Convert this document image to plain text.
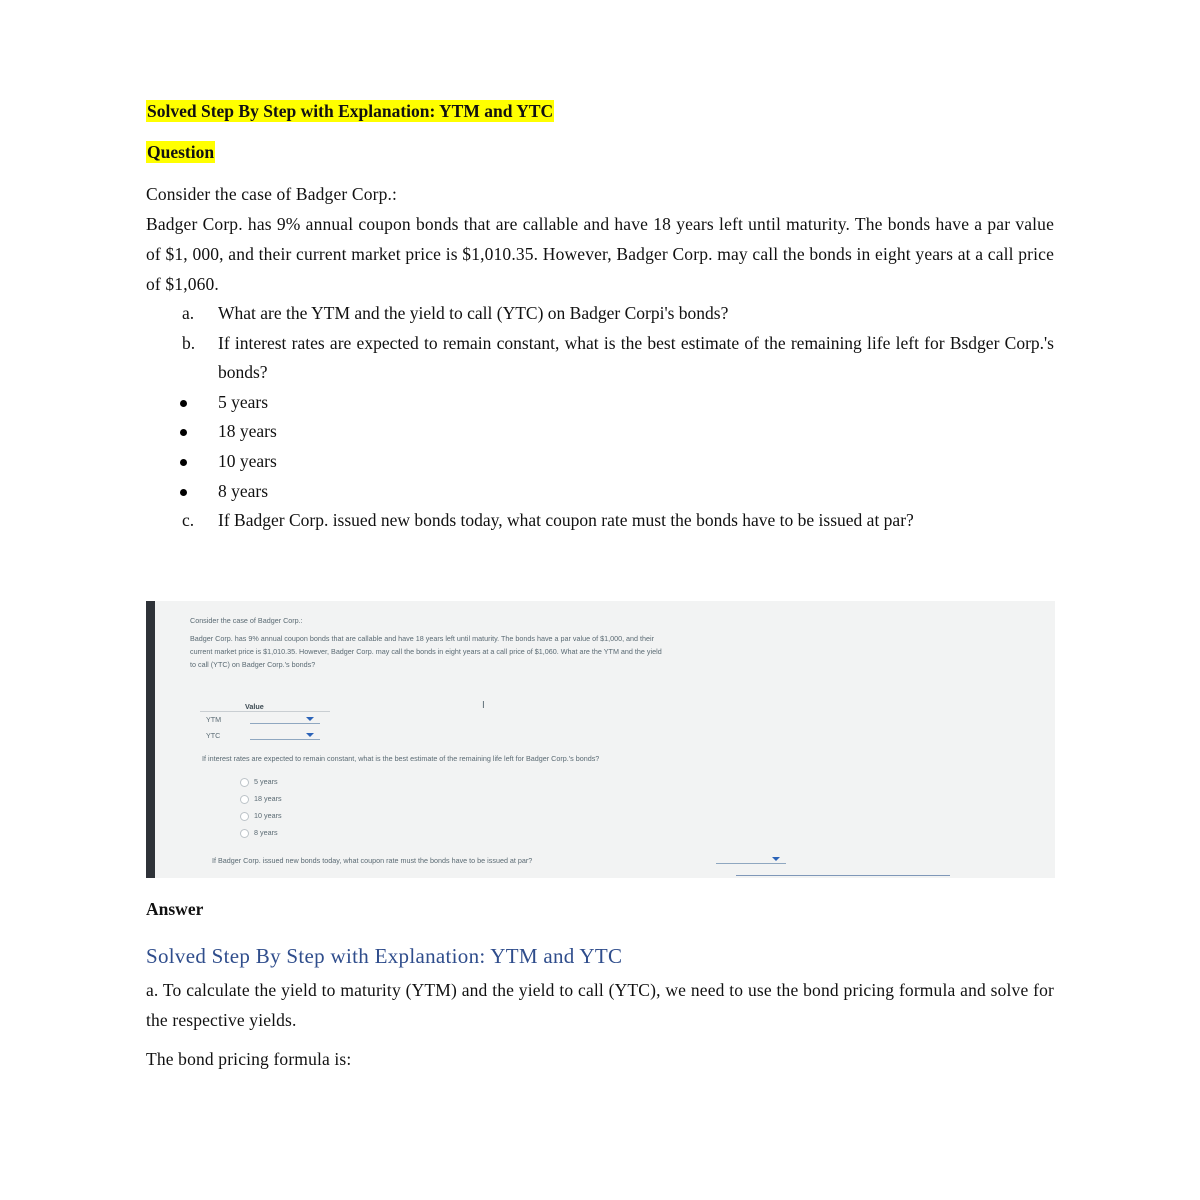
Solved Step By Step with Explanation: YTM and YTC
Question

Consider the case of Badger Corp.:

Badger Corp. has 9% annual coupon bonds that are callable and have 18 years left until maturity. The bonds have a par value of $1, 000, and their current market price is $1,010.35. However, Badger Corp. may call the bonds in eight years at a call price of $1,060.

a.	What are the YTM and the yield to call (YTC) on Badger Corpi's bonds?
b.	If interest rates are expected to remain constant, what is the best estimate of the remaining life left for Bsdger Corp.'s bonds?
5 years
18 years
10 years
8 years
c.	If Badger Corp. issued new bonds today, what coupon rate must the bonds have to be issued at par?
Consider the case of Badger Corp.:
Badger Corp. has 9% annual coupon bonds that are callable and have 18 years left until maturity. The bonds have a par value of $1,000, and their
current market price is $1,010.35. However, Badger Corp. may call the bonds in eight years at a call price of $1,060. What are the YTM and the yield
to call (YTC) on Badger Corp.'s bonds?
Value	I
YTM
YTC
If interest rates are expected to remain constant, what is the best estimate of the remaining life left for Badger Corp.'s bonds?
5 years
18 years
10 years
8 years
If Badger Corp. issued new bonds today, what coupon rate must the bonds have to be issued at par?
Answer
Solved Step By Step with Explanation: YTM and YTC

a. To calculate the yield to maturity (YTM) and the yield to call (YTC), we need to use the bond pricing formula and solve for the respective yields.

The bond pricing formula is:
